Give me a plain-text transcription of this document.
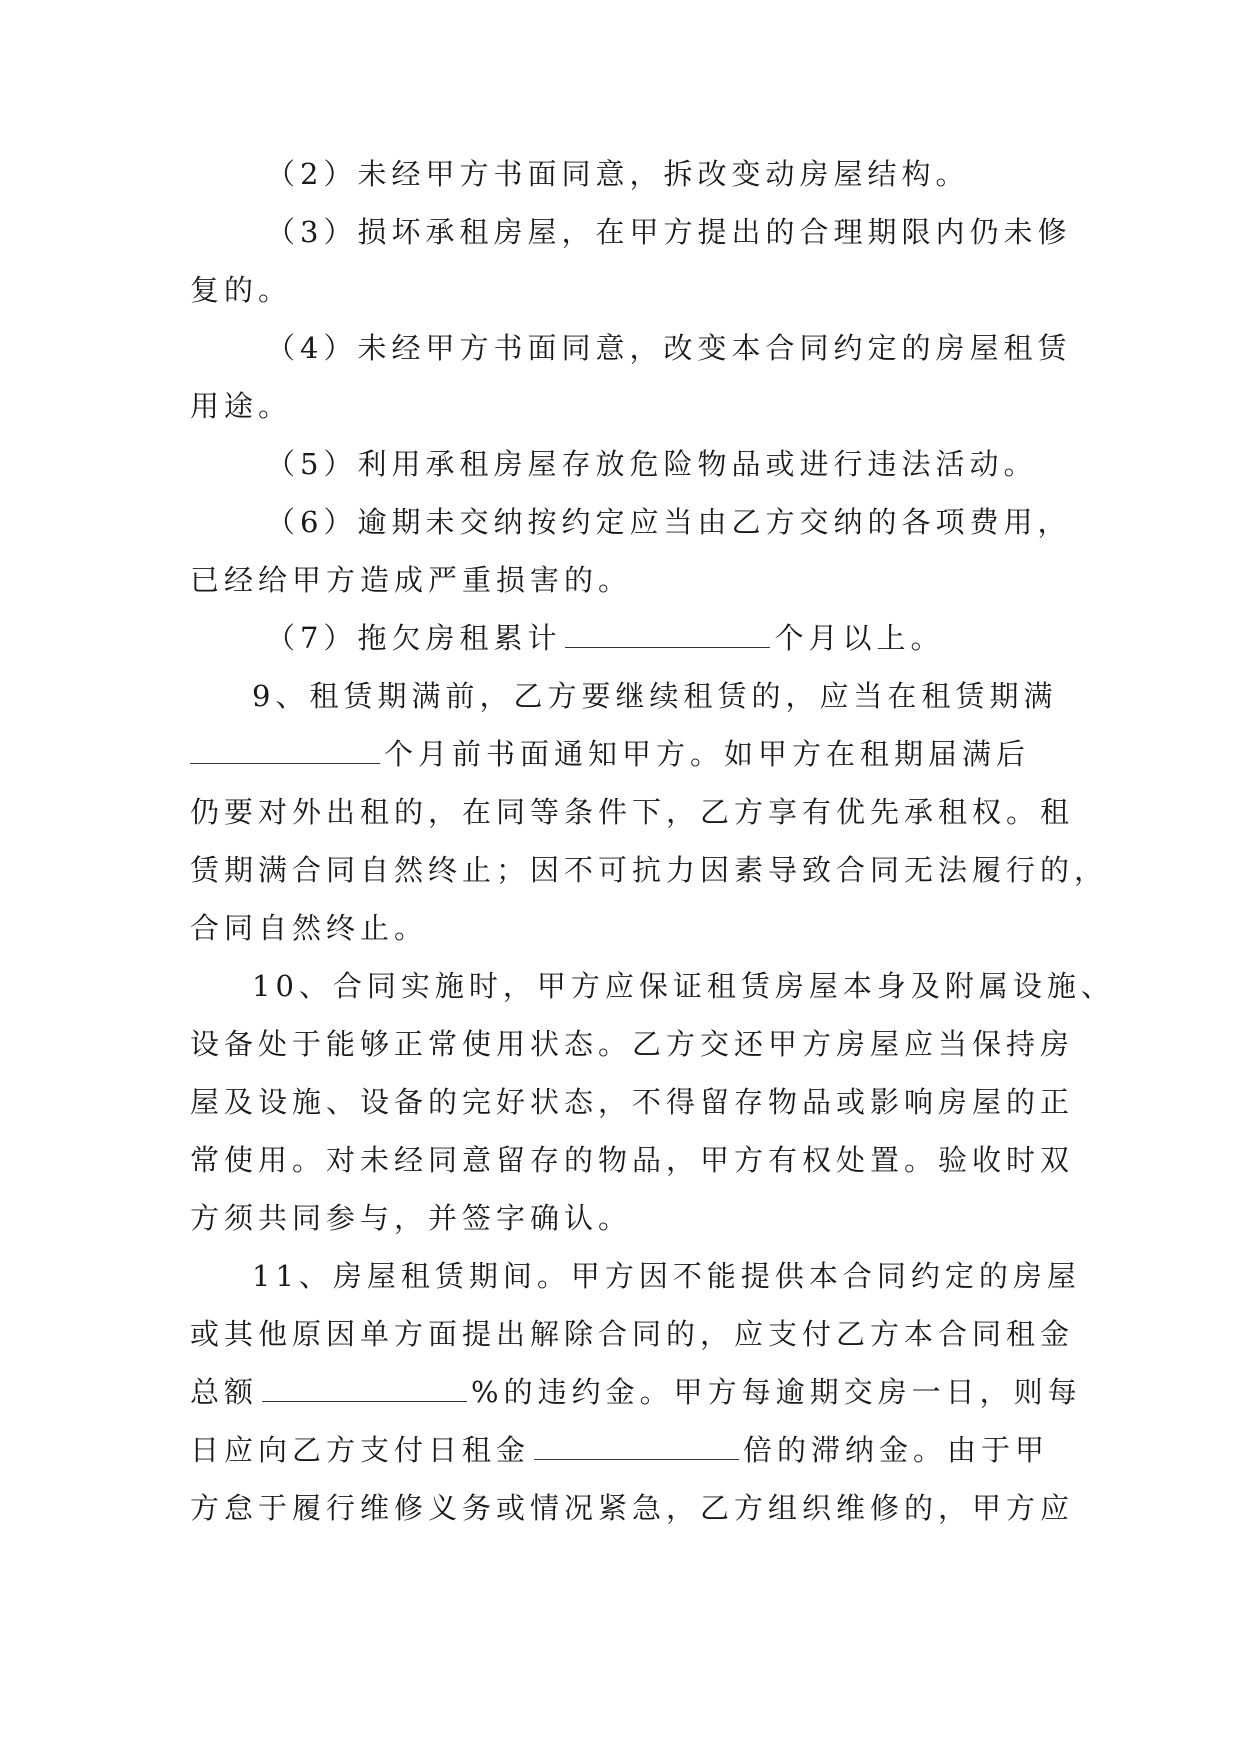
（2）未经甲方书面同意，拆改变动房屋结构。
（3）损坏承租房屋，在甲方提出的合理期限内仍未修
复的。
（4）未经甲方书面同意，改变本合同约定的房屋租赁
用途。
（5）利用承租房屋存放危险物品或进行违法活动。
（6）逾期未交纳按约定应当由乙方交纳的各项费用，
已经给甲方造成严重损害的。
（7）拖欠房租累计	个月以上。
9、租赁期满前，乙方要继续租赁的，应当在租赁期满
个月前书面通知甲方。如甲方在租期届满后
仍要对外出租的，在同等条件下，乙方享有优先承租权。租
赁期满合同自然终止；因不可抗力因素导致合同无法履行的，
合同自然终止。
10、合同实施时，甲方应保证租赁房屋本身及附属设施、
设备处于能够正常使用状态。乙方交还甲方房屋应当保持房
屋及设施、设备的完好状态，不得留存物品或影响房屋的正
常使用。对未经同意留存的物品，甲方有权处置。验收时双
方须共同参与，并签字确认。
11、房屋租赁期间。甲方因不能提供本合同约定的房屋
或其他原因单方面提出解除合同的，应支付乙方本合同租金
总额	%的违约金。甲方每逾期交房一日，则每
日应向乙方支付日租金	倍的滞纳金。由于甲
方怠于履行维修义务或情况紧急，乙方组织维修的，甲方应
